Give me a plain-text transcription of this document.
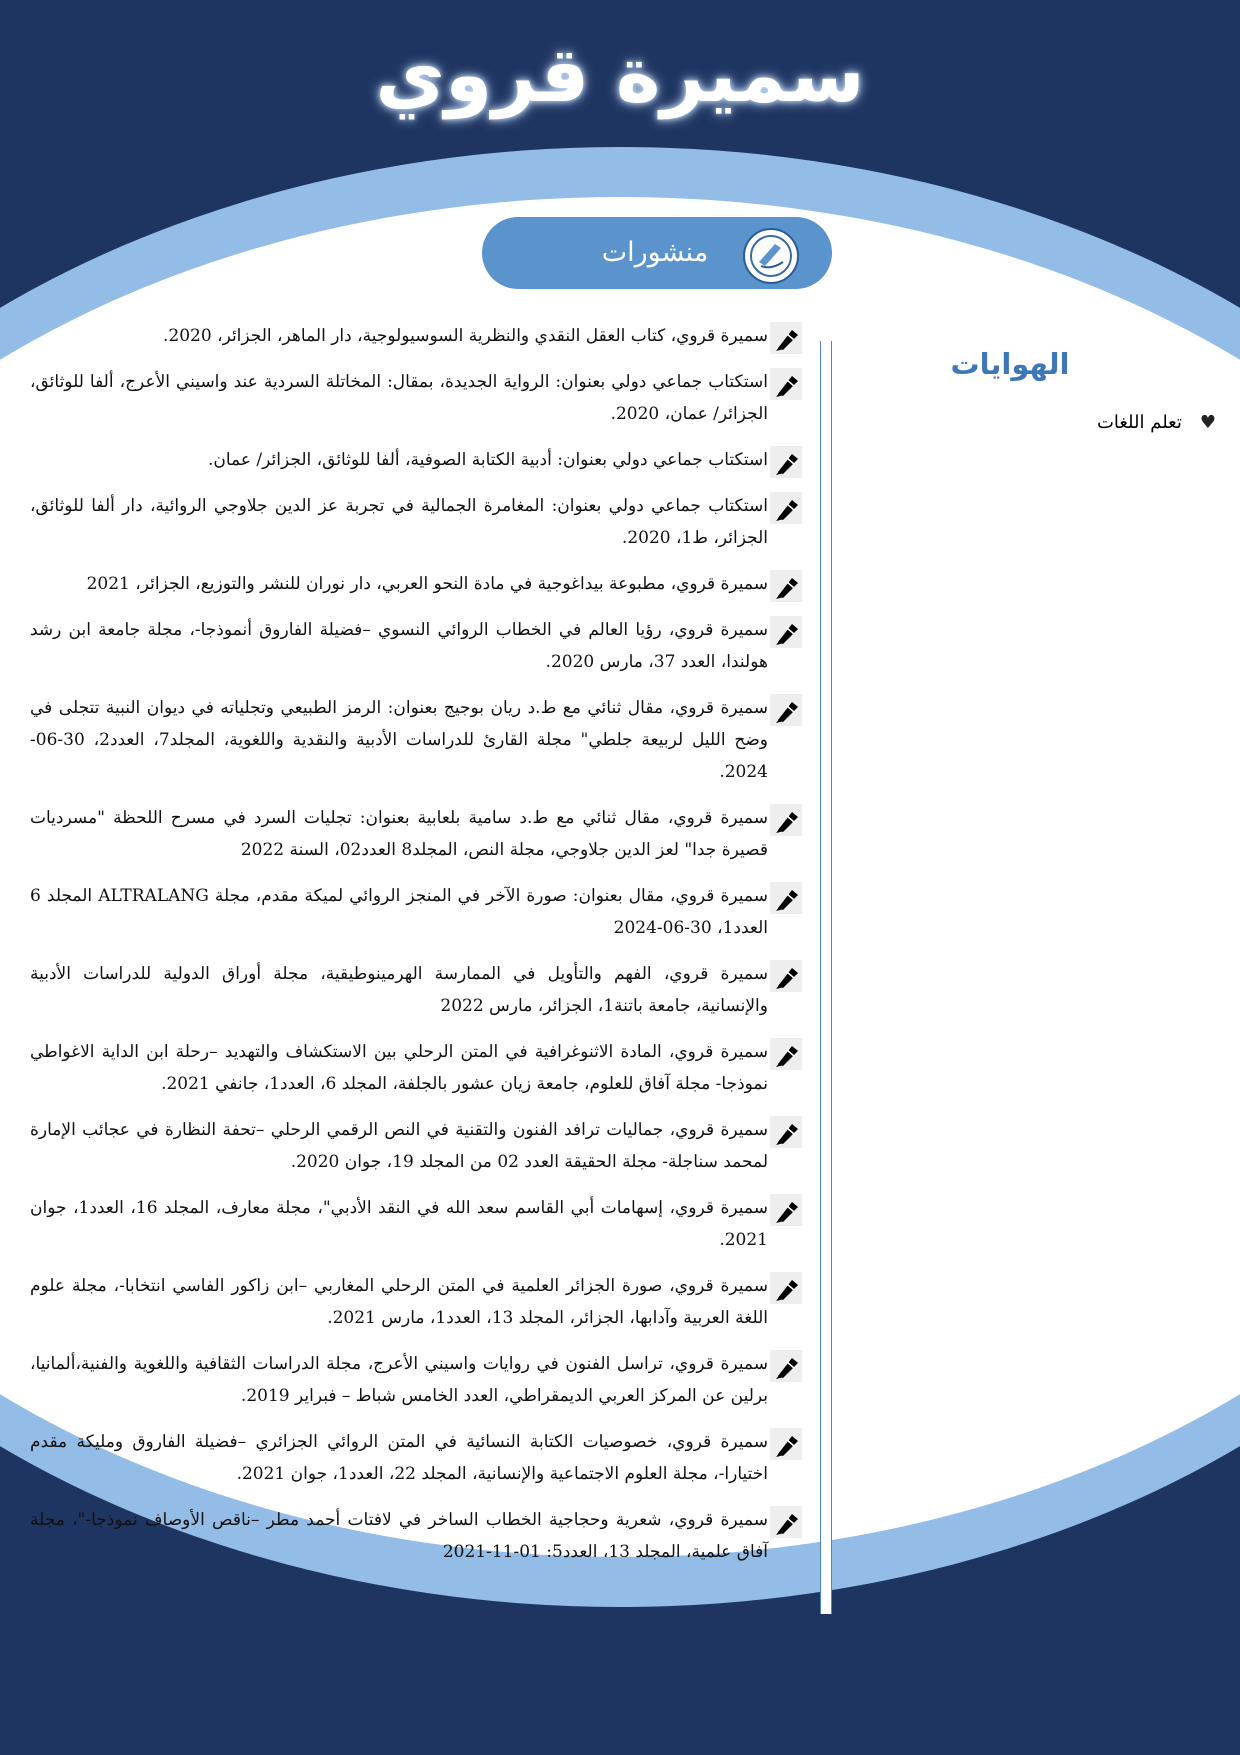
سميرة قروي
منشورات
الهوايات
♥تعلم اللغات
سميرة قروي، كتاب العقل النقدي والنظرية السوسيولوجية، دار الماهر، الجزائر، 2020.
استكتاب جماعي دولي بعنوان: الرواية الجديدة، بمقال: المخاتلة السردية عند واسيني الأعرج، ألفا للوثائق، الجزائر/ عمان، 2020.
استكتاب جماعي دولي بعنوان: أدبية الكتابة الصوفية، ألفا للوثائق، الجزائر/ عمان.
استكتاب جماعي دولي بعنوان: المغامرة الجمالية في تجربة عز الدين جلاوجي الروائية، دار ألفا للوثائق، الجزائر، ط1، 2020.
سميرة قروي، مطبوعة بيداغوجية في مادة النحو العربي، دار نوران للنشر والتوزيع، الجزائر، 2021
سميرة قروي، رؤيا العالم في الخطاب الروائي النسوي –فضيلة الفاروق أنموذجا-، مجلة جامعة ابن رشد هولندا، العدد 37، مارس 2020.
سميرة قروي، مقال ثنائي مع ط.د ريان بوجيج بعنوان: الرمز الطبيعي وتجلياته في ديوان النبية تتجلى في وضح الليل لربيعة جلطي" مجلة القارئ للدراسات الأدبية والنقدية واللغوية، المجلد7، العدد2، 30-06-2024.
سميرة قروي، مقال ثنائي مع ط.د سامية بلعابية بعنوان: تجليات السرد في مسرح اللحظة "مسرديات قصيرة جدا" لعز الدين جلاوجي، مجلة النص، المجلد8 العدد02، السنة 2022
سميرة قروي، مقال بعنوان: صورة الآخر في المنجز الروائي لميكة مقدم، مجلة ALTRALANG المجلد 6 العدد1، 30-06-2024
سميرة قروي، الفهم والتأويل في الممارسة الهرمينوطيقية، مجلة أوراق الدولية للدراسات الأدبية والإنسانية، جامعة باتنة1، الجزائر، مارس 2022
سميرة قروي، المادة الاثنوغرافية في المتن الرحلي بين الاستكشاف والتهديد –رحلة ابن الداية الاغواطي نموذجا- مجلة آفاق للعلوم، جامعة زيان عشور بالجلفة، المجلد 6، العدد1، جانفي 2021.
سميرة قروي، جماليات ترافد الفنون والتقنية في النص الرقمي الرحلي –تحفة النظارة في عجائب الإمارة لمحمد سناجلة- مجلة الحقيقة العدد 02 من المجلد 19، جوان 2020.
سميرة قروي، إسهامات أبي القاسم سعد الله في النقد الأدبي"، مجلة معارف، المجلد 16، العدد1، جوان 2021.
سميرة قروي، صورة الجزائر العلمية في المتن الرحلي المغاربي –ابن زاكور الفاسي انتخابا-، مجلة علوم اللغة العربية وآدابها، الجزائر، المجلد 13، العدد1، مارس 2021.
سميرة قروي، تراسل الفنون في روايات واسيني الأعرج، مجلة الدراسات الثقافية واللغوية والفنية،ألمانيا، برلين عن المركز العربي الديمقراطي، العدد الخامس شباط – فبراير 2019.
سميرة قروي، خصوصيات الكتابة النسائية في المتن الروائي الجزائري –فضيلة الفاروق ومليكة مقدم اختيارا-، مجلة العلوم الاجتماعية والإنسانية، المجلد 22، العدد1، جوان 2021.
سميرة قروي، شعرية وحجاجية الخطاب الساخر في لافتات أحمد مطر –ناقص الأوصاف نموذجا-"، مجلة آفاق علمية، المجلد 13، العدد5: 01-11-2021
